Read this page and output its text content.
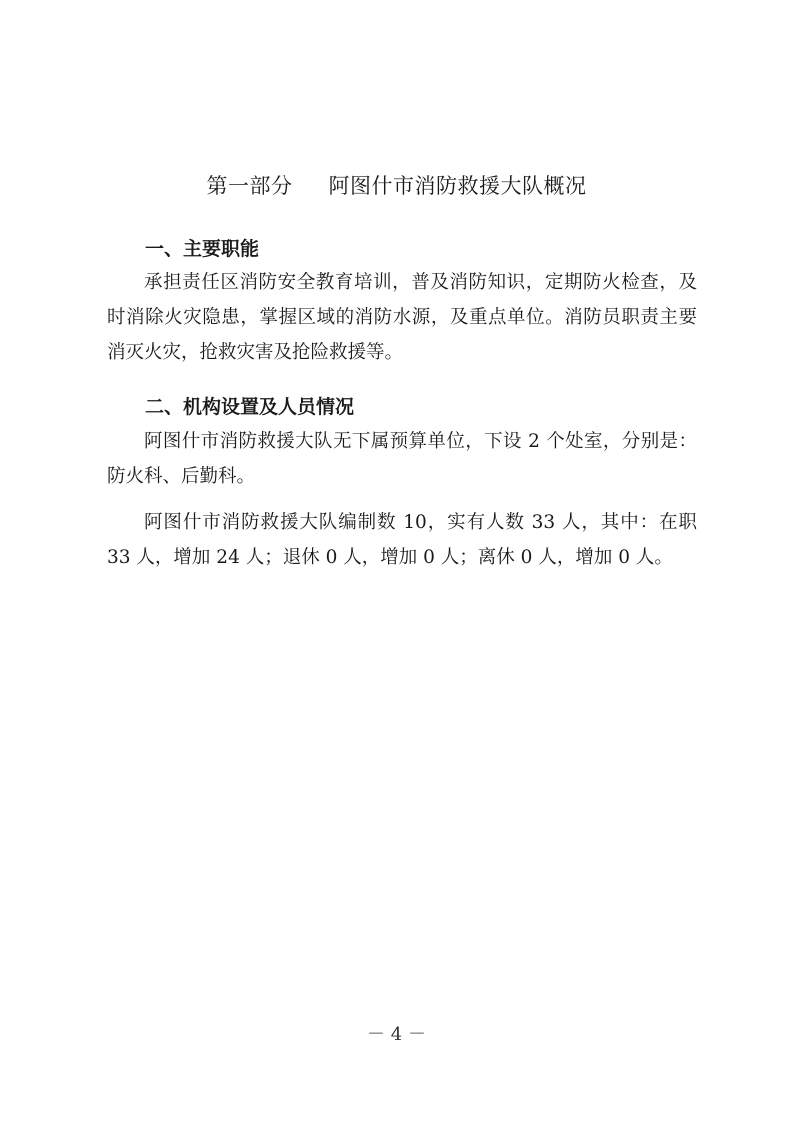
第一部分 阿图什市消防救援大队概况
一、主要职能

承担责任区消防安全教育培训，普及消防知识，定期防火检查，及时消除火灾隐患，掌握区域的消防水源，及重点单位。消防员职责主要消灭火灾，抢救灾害及抢险救援等。

二、机构设置及人员情况

阿图什市消防救援大队无下属预算单位，下设 2 个处室，分别是：防火科、后勤科。

阿图什市消防救援大队编制数 10，实有人数 33 人，其中：在职 33 人，增加 24 人；退休 0 人，增加 0 人；离休 0 人，增加 0 人。

－ 4 －
